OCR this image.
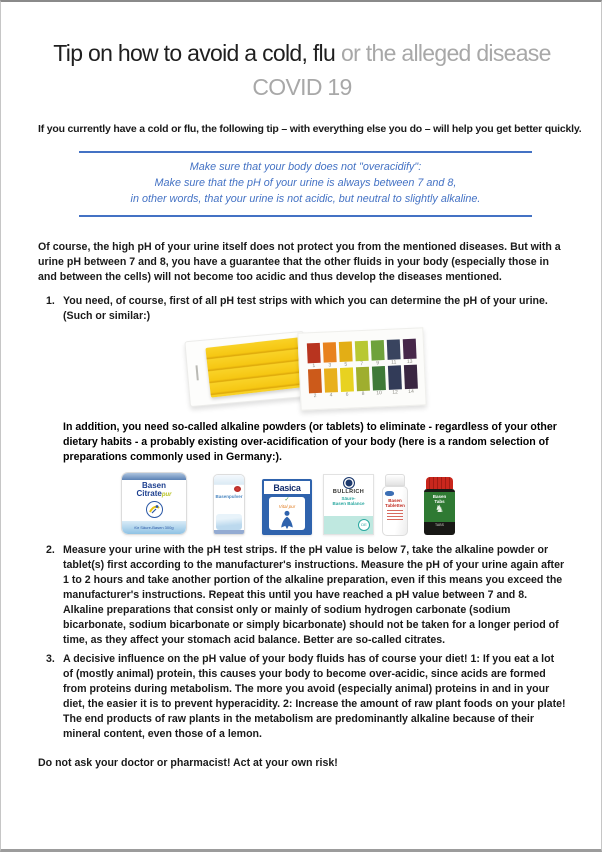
Tip on how to avoid a cold, flu or the alleged disease
COVID 19
If you currently have a cold or flu, the following tip – with everything else you do – will help you get better quickly.
Make sure that your body does not "overacidify":
Make sure that the pH of your urine is always between 7 and 8,
in other words, that your urine is not acidic, but neutral to slightly alkaline.
Of course, the high pH of your urine itself does not protect you from the mentioned diseases. But with a urine pH between 7 and 8, you have a guarantee that the other fluids in your body (especially those in and between the cells) will not become too acidic and thus develop the diseases mentioned.
1. You need, of course, first of all pH test strips with which you can determine the pH of your urine. (Such or similar:)
1
2
3
4
5
6
7
8
9
10
11
12
13
14
In addition, you need so-called alkaline powders (or tablets) to eliminate - regardless of your other dietary habits - a probably existing over-acidification of your body (here is a random selection of preparations commonly used in Germany:).
Basen
Citratepur
für Säure-Basen 300g
Basenpulver
Basica
✓
Vital pur
BULLRICH
Säure-
Basen Balance
DE
Basen
Tabletten
Basen
Tabs
♞
TABS
2. Measure your urine with the pH test strips. If the pH value is below 7, take the alkaline powder or tablet(s) first according to the manufacturer's instructions. Measure the pH of your urine again after 1 to 2 hours and take another portion of the alkaline preparation, even if this means you exceed the manufacturer's instructions. Repeat this until you have reached a pH value between 7 and 8. Alkaline preparations that consist only or mainly of sodium hydrogen carbonate (sodium bicarbonate, sodium bicarbonate or simply bicarbonate) should not be taken for a longer period of time, as they affect your stomach acid balance. Better are so-called citrates.
3. A decisive influence on the pH value of your body fluids has of course your diet! 1: If you eat a lot of (mostly animal) protein, this causes your body to become over-acidic, since acids are formed from proteins during metabolism. The more you avoid (especially animal) proteins in and in your diet, the easier it is to prevent hyperacidity. 2: Increase the amount of raw plant foods on your plate! The end products of raw plants in the metabolism are predominantly alkaline because of their mineral content, even those of a lemon.
Do not ask your doctor or pharmacist! Act at your own risk!
